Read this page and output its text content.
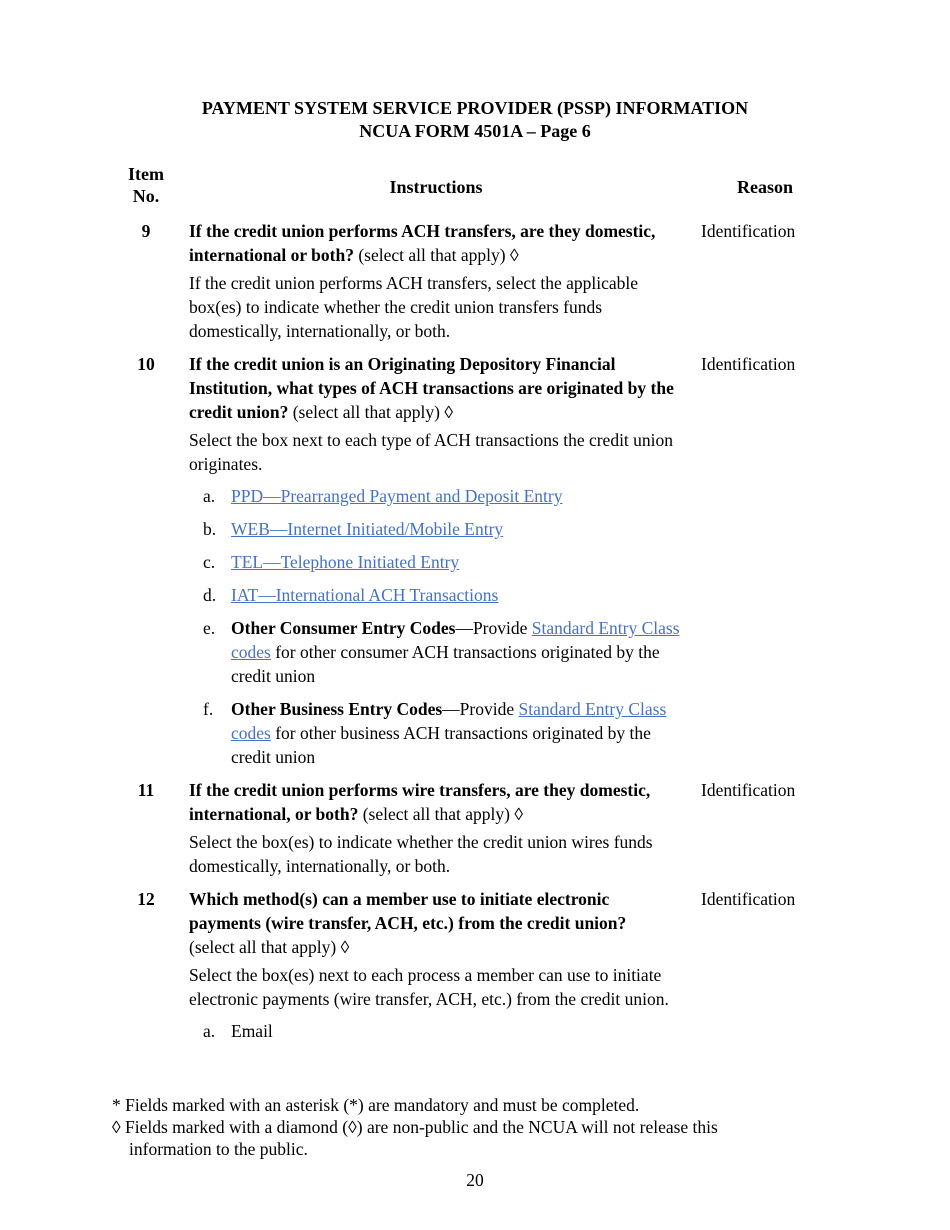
PAYMENT SYSTEM SERVICE PROVIDER (PSSP) INFORMATION
NCUA FORM 4501A – Page 6
Item
No.	Instructions	Reason
9	If the credit union performs ACH transfers, are they domestic, international or both? (select all that apply) ◊

If the credit union performs ACH transfers, select the applicable box(es) to indicate whether the credit union transfers funds domestically, internationally, or both.

Identification
10	If the credit union is an Originating Depository Financial Institution, what types of ACH transactions are originated by the credit union? (select all that apply) ◊

Select the box next to each type of ACH transactions the credit union originates.

a. PPD—Prearranged Payment and Deposit Entry
b. WEB—Internet Initiated/Mobile Entry
c. TEL—Telephone Initiated Entry
d. IAT—International ACH Transactions
e. Other Consumer Entry Codes—Provide Standard Entry Class codes for other consumer ACH transactions originated by the credit union
f. Other Business Entry Codes—Provide Standard Entry Class codes for other business ACH transactions originated by the credit union
Identification
11	If the credit union performs wire transfers, are they domestic, international, or both? (select all that apply) ◊

Select the box(es) to indicate whether the credit union wires funds domestically, internationally, or both.

Identification
12	Which method(s) can a member use to initiate electronic payments (wire transfer, ACH, etc.) from the credit union? (select all that apply) ◊

Select the box(es) next to each process a member can use to initiate electronic payments (wire transfer, ACH, etc.) from the credit union.

a. Email
Identification
* Fields marked with an asterisk (*) are mandatory and must be completed.
◊ Fields marked with a diamond (◊) are non-public and the NCUA will not release this
information to the public.
20
